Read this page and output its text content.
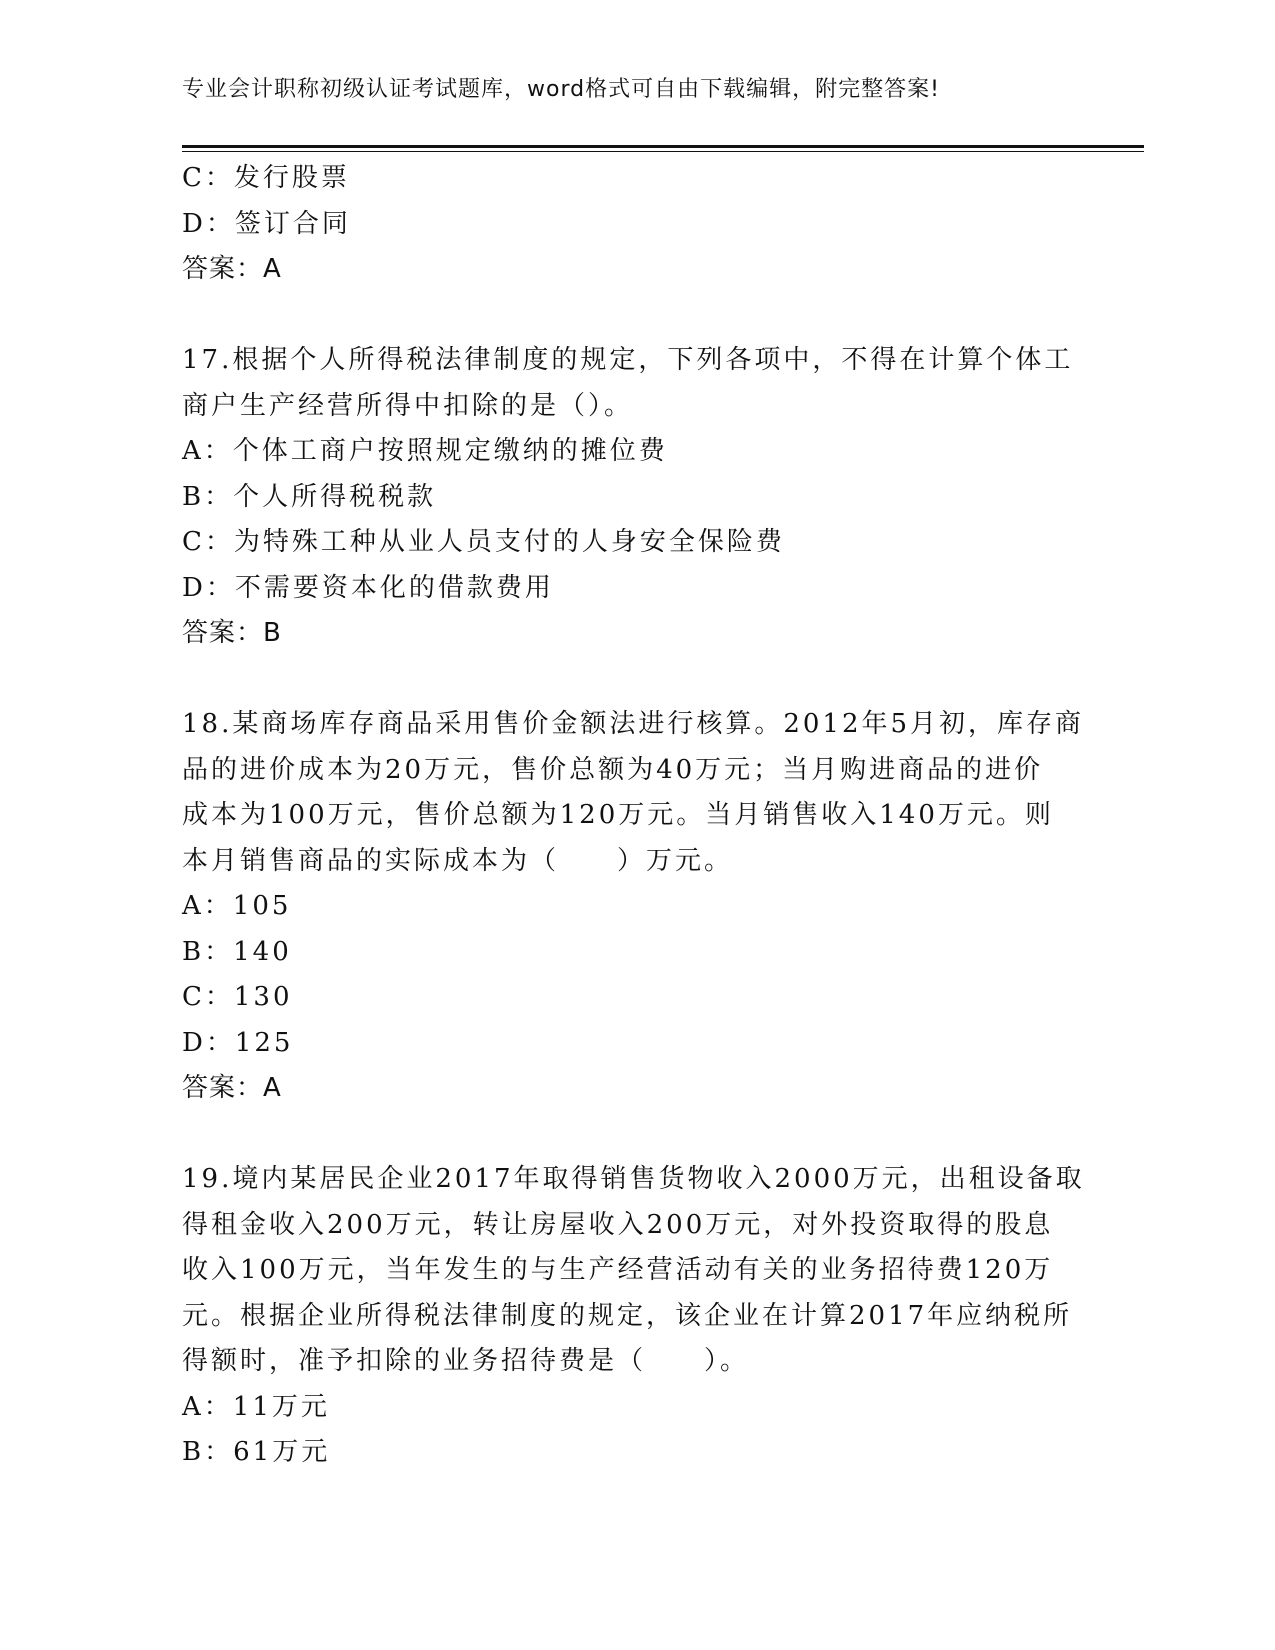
专业会计职称初级认证考试题库，word格式可自由下载编辑，附完整答案!
C：发行股票
D：签订合同
答案：A
17.根据个人所得税法律制度的规定，下列各项中，不得在计算个体工
商户生产经营所得中扣除的是（）。
A：个体工商户按照规定缴纳的摊位费
B：个人所得税税款
C：为特殊工种从业人员支付的人身安全保险费
D：不需要资本化的借款费用
答案：B
18.某商场库存商品采用售价金额法进行核算。2012年5月初，库存商
品的进价成本为20万元，售价总额为40万元；当月购进商品的进价
成本为100万元，售价总额为120万元。当月销售收入140万元。则
本月销售商品的实际成本为（　　）万元。
A：105
B：140
C：130
D：125
答案：A
19.境内某居民企业2017年取得销售货物收入2000万元，出租设备取
得租金收入200万元，转让房屋收入200万元，对外投资取得的股息
收入100万元，当年发生的与生产经营活动有关的业务招待费120万
元。根据企业所得税法律制度的规定，该企业在计算2017年应纳税所
得额时，准予扣除的业务招待费是（　　）。
A：11万元
B：61万元
